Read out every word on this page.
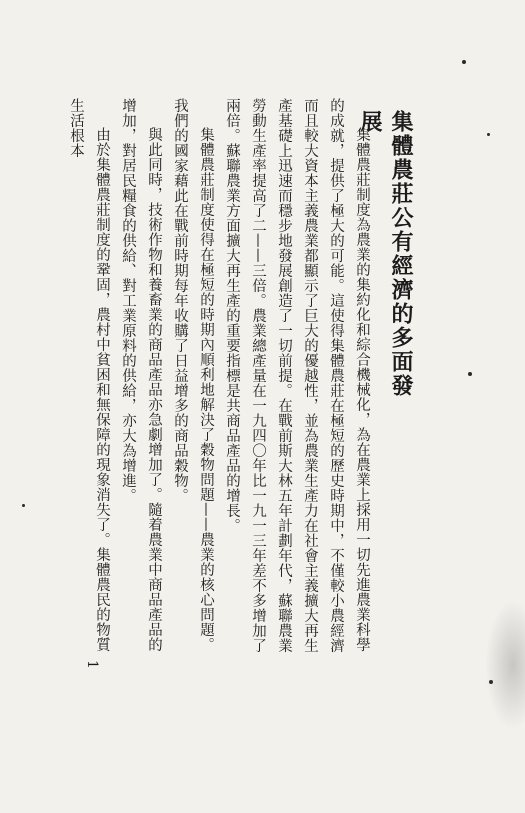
集體農莊公有經濟的多面發展

集體農莊制度為農業的集約化和綜合機械化，為在農業上採用一切先進農業科學的成就，提供了極大的可能。這使得集體農莊在極短的歷史時期中，不僅較小農經濟而且較大資本主義農業都顯示了巨大的優越性，並為農業生產力在社會主義擴大再生產基礎上迅速而穩步地發展創造了一切前提。在戰前斯大林五年計劃年代，蘇聯農業勞動生產率提高了二——三倍。農業總產量在一九四〇年比一九一三年差不多增加了兩倍。蘇聯農業方面擴大再生產的重要指標是共商品產品的增長。

集體農莊制度使得在極短的時期內順利地解決了穀物問題——農業的核心問題。我們的國家藉此在戰前時期每年收購了日益增多的商品穀物。

與此同時，技術作物和養畜業的商品產品亦急劇增加了。隨着農業中商品產品的增加，對居民糧食的供給、對工業原料的供給，亦大為增進。

由於集體農莊制度的鞏固，農村中貧困和無保障的現象消失了。集體農民的物質生活根本

1
